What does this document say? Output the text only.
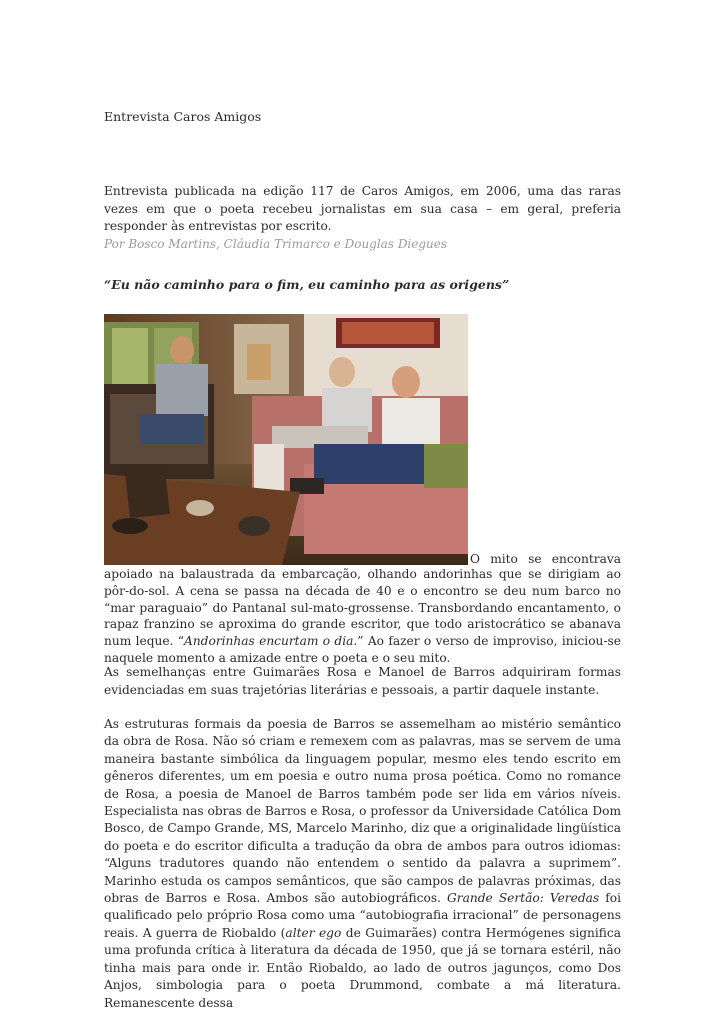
Entrevista Caros Amigos
Entrevista publicada na edição 117 de Caros Amigos, em 2006, uma das raras vezes em que o poeta recebeu jornalistas em sua casa – em geral, preferia responder às entrevistas por escrito.
Por Bosco Martins, Cláudia Trimarco e Douglas Diegues
“Eu não caminho para o fim, eu caminho para as origens”
O mito se encontrava

apoiado na balaustrada da embarcação, olhando andorinhas que se dirigiam ao pôr-do-sol. A cena se passa na década de 40 e o encontro se deu num barco no “mar paraguaio” do Pantanal sul-mato-grossense. Transbordando encantamento, o rapaz franzino se aproxima do grande escritor, que todo aristocrático se abanava num leque. “Andorinhas encurtam o dia.” Ao fazer o verso de improviso, iniciou-se naquele momento a amizade entre o poeta e o seu mito.

As semelhanças entre Guimarães Rosa e Manoel de Barros adquiriram formas evidenciadas em suas trajetórias literárias e pessoais, a partir daquele instante.

As estruturas formais da poesia de Barros se assemelham ao mistério semântico da obra de Rosa. Não só criam e remexem com as palavras, mas se servem de uma maneira bastante simbólica da linguagem popular, mesmo eles tendo escrito em gêneros diferentes, um em poesia e outro numa prosa poética. Como no romance de Rosa, a poesia de Manoel de Barros também pode ser lida em vários níveis. Especialista nas obras de Barros e Rosa, o professor da Universidade Católica Dom Bosco, de Campo Grande, MS, Marcelo Marinho, diz que a originalidade lingüística do poeta e do escritor dificulta a tradução da obra de ambos para outros idiomas: “Alguns tradutores quando não entendem o sentido da palavra a suprimem”. Marinho estuda os campos semânticos, que são campos de palavras próximas, das obras de Barros e Rosa. Ambos são autobiográficos. Grande Sertão: Veredas foi qualificado pelo próprio Rosa como uma “autobiografia irracional” de personagens reais. A guerra de Riobaldo (alter ego de Guimarães) contra Hermógenes significa uma profunda crítica à literatura da década de 1950, que já se tornara estéril, não tinha mais para onde ir. Então Riobaldo, ao lado de outros jagunços, como Dos Anjos, simbologia para o poeta Drummond, combate a má literatura. Remanescente dessa
